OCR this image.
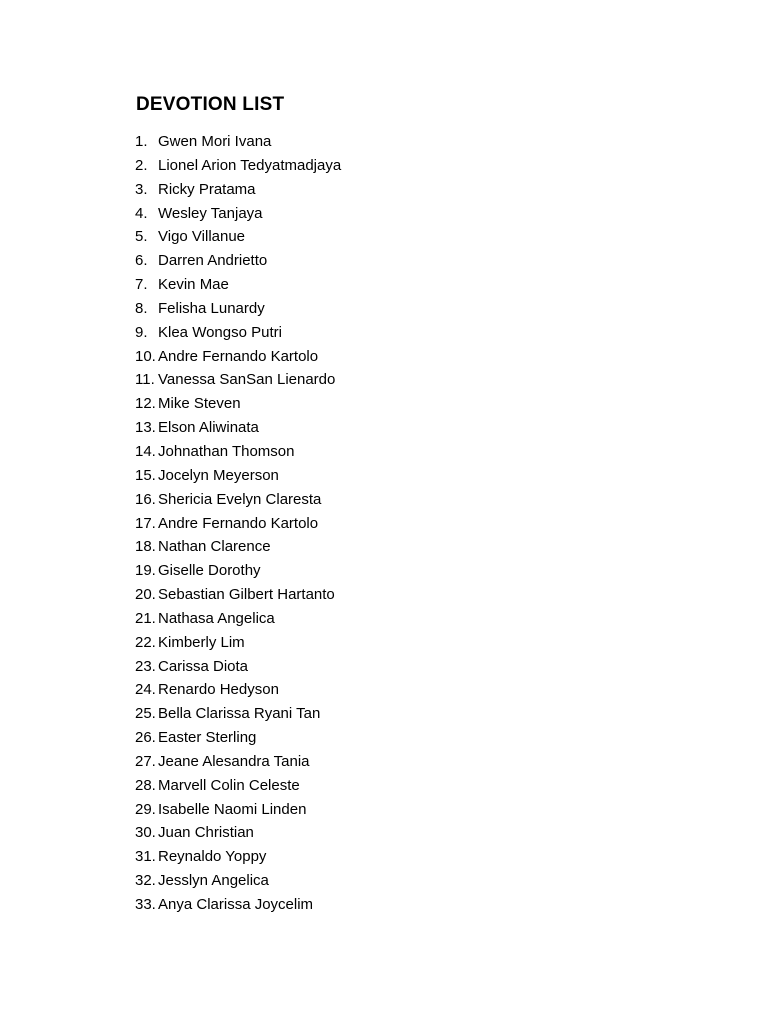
DEVOTION LIST
1. Gwen Mori Ivana
2. Lionel Arion Tedyatmadjaya
3. Ricky Pratama
4. Wesley Tanjaya
5. Vigo Villanue
6. Darren Andrietto
7. Kevin Mae
8. Felisha Lunardy
9. Klea Wongso Putri
10. Andre Fernando Kartolo
11. Vanessa SanSan Lienardo
12. Mike Steven
13. Elson Aliwinata
14. Johnathan Thomson
15. Jocelyn Meyerson
16. Shericia Evelyn Claresta
17. Andre Fernando Kartolo
18. Nathan Clarence
19. Giselle Dorothy
20. Sebastian Gilbert Hartanto
21. Nathasa Angelica
22. Kimberly Lim
23. Carissa Diota
24. Renardo Hedyson
25. Bella Clarissa Ryani Tan
26. Easter Sterling
27. Jeane Alesandra Tania
28. Marvell Colin Celeste
29. Isabelle Naomi Linden
30. Juan Christian
31. Reynaldo Yoppy
32. Jesslyn Angelica
33. Anya Clarissa Joycelim
